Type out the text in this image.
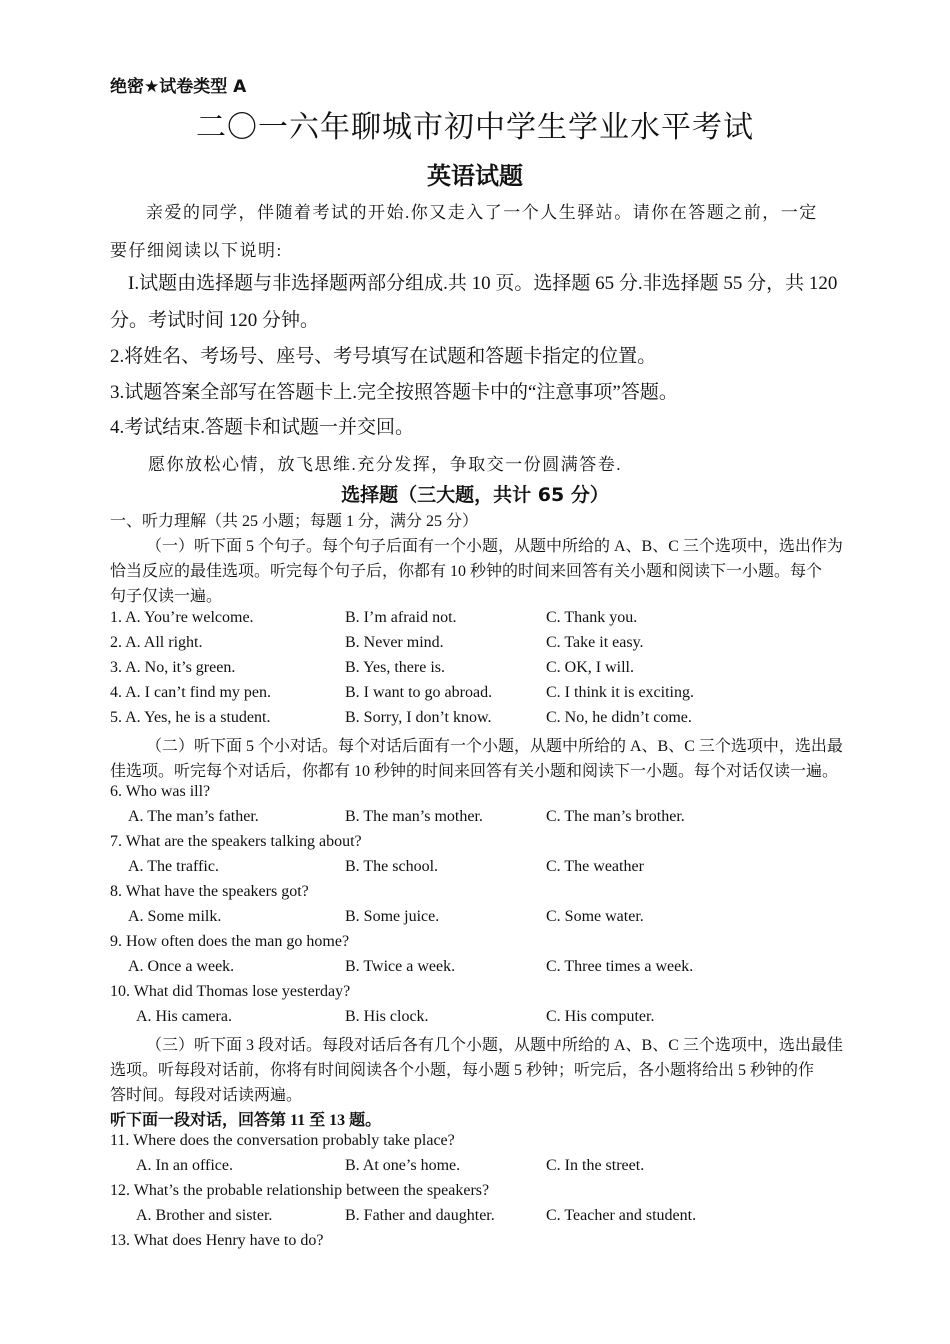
绝密★试卷类型 A
二〇一六年聊城市初中学生学业水平考试
英语试题
亲爱的同学，伴随着考试的开始.你又走入了一个人生驿站。请你在答题之前，一定
要仔细阅读以下说明:
I.试题由选择题与非选择题两部分组成.共 10 页。选择题 65 分.非选择题 55 分，共 120
分。考试时间 120 分钟。
2.将姓名、考场号、座号、考号填写在试题和答题卡指定的位置。
3.试题答案全部写在答题卡上.完全按照答题卡中的“注意事项”答题。
4.考试结束.答题卡和试题一并交回。
愿你放松心情，放飞思维.充分发挥，争取交一份圆满答卷.
选择题（三大题，共计 65 分）
一、听力理解（共 25 小题；每题 1 分，满分 25 分）
（一）听下面 5 个句子。每个句子后面有一个小题，从题中所给的 A、B、C 三个选项中，选出作为
恰当反应的最佳选项。听完每个句子后，你都有 10 秒钟的时间来回答有关小题和阅读下一小题。每个
句子仅读一遍。
1. A. You’re welcome.	B. I’m afraid not.	C. Thank you.
2. A. All right.	B. Never mind.	C. Take it easy.
3. A. No, it’s green.	B. Yes, there is.	C. OK, I will.
4. A. I can’t find my pen.	B. I want to go abroad.	C. I think it is exciting.
5. A. Yes, he is a student.	B. Sorry, I don’t know.	C. No, he didn’t come.
（二）听下面 5 个小对话。每个对话后面有一个小题，从题中所给的 A、B、C 三个选项中，选出最
佳选项。听完每个对话后，你都有 10 秒钟的时间来回答有关小题和阅读下一小题。每个对话仅读一遍。
6. Who was ill?
A. The man’s father.	B. The man’s mother.	C. The man’s brother.
7. What are the speakers talking about?
A. The traffic.	B. The school.	C. The weather
8. What have the speakers got?
A. Some milk.	B. Some juice.	C. Some water.
9. How often does the man go home?
A. Once a week.	B. Twice a week.	C. Three times a week.
10. What did Thomas lose yesterday?
A. His camera.	B. His clock.	C. His computer.
（三）听下面 3 段对话。每段对话后各有几个小题，从题中所给的 A、B、C 三个选项中，选出最佳
选项。听每段对话前，你将有时间阅读各个小题，每小题 5 秒钟；听完后，各小题将给出 5 秒钟的作
答时间。每段对话读两遍。
听下面一段对话，回答第 11 至 13 题。
11. Where does the conversation probably take place?
A. In an office.	B. At one’s home.	C. In the street.
12. What’s the probable relationship between the speakers?
A. Brother and sister.	B. Father and daughter.	C. Teacher and student.
13. What does Henry have to do?
